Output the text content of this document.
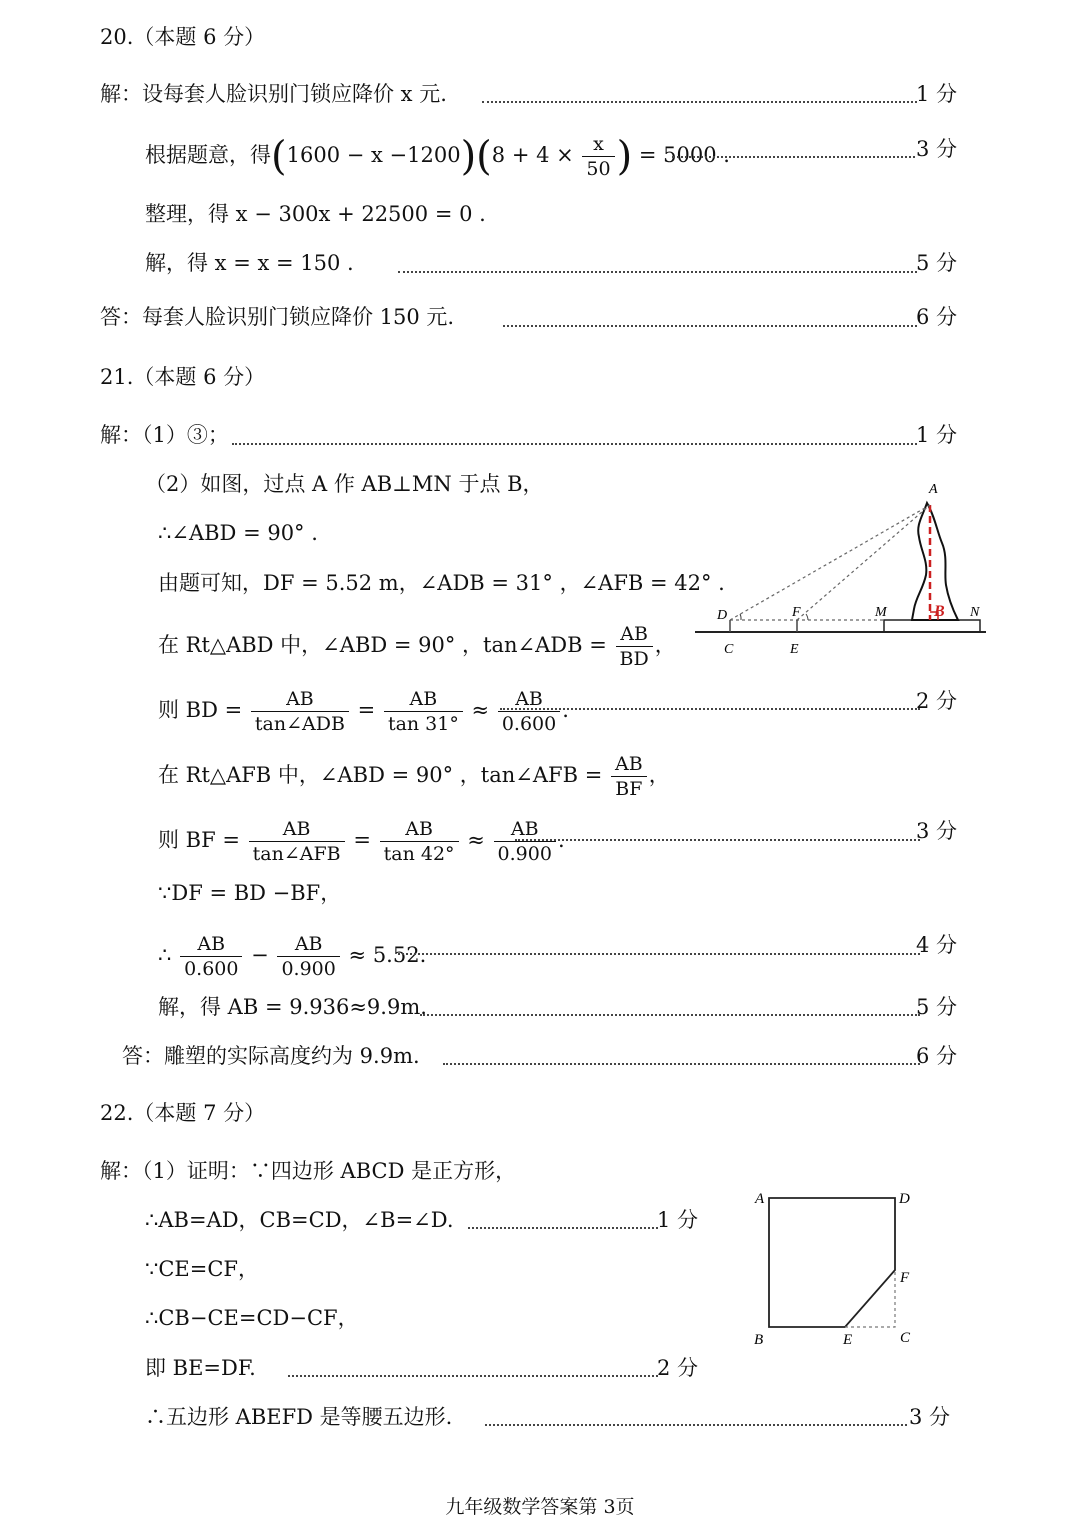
20.（本题 6 分）
解：设每套人脸识别门锁应降价 x 元.	1 分
根据题意，得$(1600 - x -1200)(8 + 4 \times \frac{x}{50}$ ) = 5000 .	3 分
整理，得 x − 300x + 22500 = 0 .
解，得 x = x = 150 .	5 分
答：每套人脸识别门锁应降价 150 元.	6 分
21.（本题 6 分）
解：（1）③；	1 分
（2）如图，过点 A 作 AB⊥MN 于点 B，
∴∠ABD = 90° .
由题可知，DF = 5.52 m，∠ADB = 31° ，∠AFB = 42° .
在 Rt△ABD 中，∠ABD = 90° ，tan∠ADB = $\frac{AB}{BD}$ ，
则 BD = $\frac{AB}{\text{tan∠ADB}} = \frac{AB}{\tan 31^\circ} \approx \frac{AB}{0.600}$ .	2 分
在 Rt△AFB 中，∠ABD = 90° ，tan∠AFB = $\frac{AB}{BF}$ ，
则 BF = $\frac{AB}{\text{tan∠AFB}} = \frac{AB}{\tan 42^\circ} \approx \frac{AB}{0.900}$ .	3 分
∵DF = BD −BF，
∴ $\frac{AB}{0.600} - \frac{AB}{0.900} \approx 5.52$.	4 分
解，得 AB = 9.936≈9.9m.	5 分
答：雕塑的实际高度约为 9.9m.	6 分
A
B
D	F	M	N
C	E
22.（本题 7 分）
解：（1）证明：∵四边形 ABCD 是正方形，
∴AB=AD，CB=CD，∠B=∠D.	1 分
∵CE=CF，
∴CB−CE=CD−CF，
即 BE=DF.	2 分
∴五边形 ABEFD 是等腰五边形.	3 分
A	D
F
B	E	C
九年级数学答案第 3页
